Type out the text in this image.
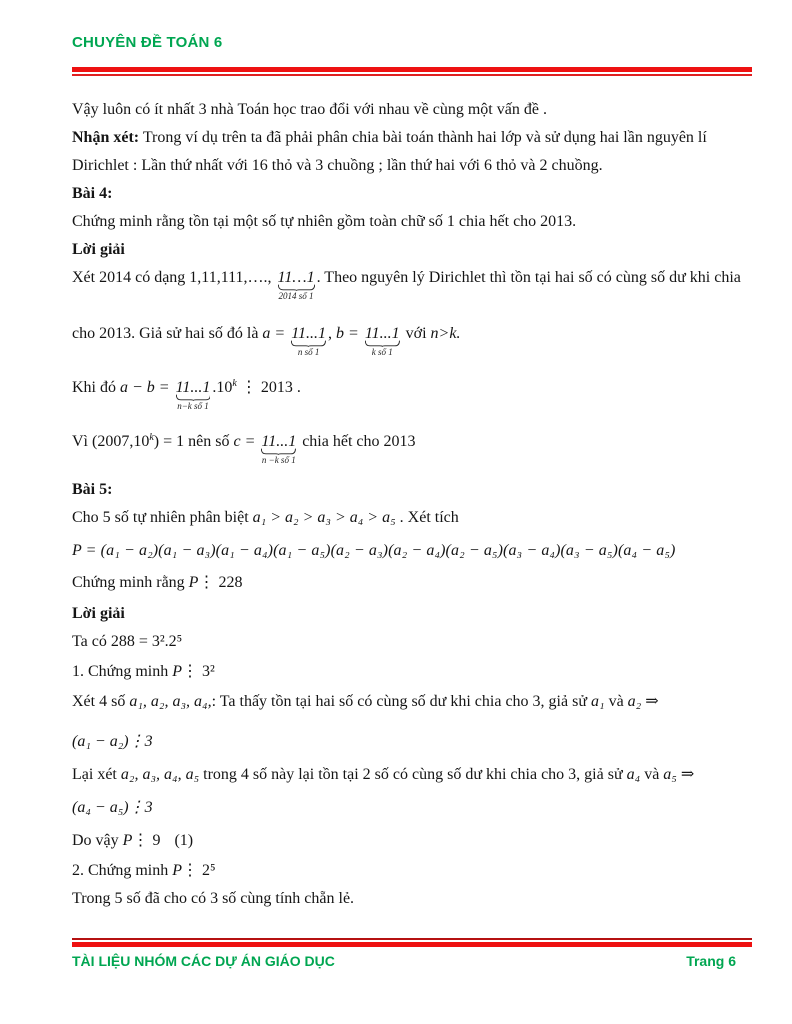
CHUYÊN ĐỀ TOÁN 6

Vậy luôn có ít nhất 3 nhà Toán học trao đổi với nhau về cùng một vấn đề .

Nhận xét: Trong ví dụ trên ta đã phải phân chia bài toán thành hai lớp và sử dụng hai lần nguyên lí

Dirichlet : Lần thứ nhất với 16 thỏ và 3 chuồng ; lần thứ hai với 6 thỏ và 2 chuồng.

Bài 4:

Chứng minh rằng tồn tại một số tự nhiên gồm toàn chữ số 1 chia hết cho 2013.

Lời giải

Xét 2014 có dạng 1,11,111,…., 11…1
2014 số 1
. Theo nguyên lý Dirichlet thì tồn tại hai số có cùng số dư khi chia

cho 2013. Giả sử hai số đó là a = 11...1
n số 1
, b = 11...1
k số 1
với n>k.

Khi đó a − b = 11...1
n−k số 1
.10$^k$ ⋮ 2013 .

Vì $(2007,10^k) = 1$ nên số c = 11...1
n −k số 1
chia hết cho 2013

Bài 5:

Cho 5 số tự nhiên phân biệt a₁ > a₂ > a₃ > a₄ > a₅ . Xét tích

P = (a₁ − a₂)(a₁ − a₃)(a₁ − a₄)(a₁ − a₅)(a₂ − a₃)(a₂ − a₄)(a₂ − a₅)(a₃ − a₄)(a₃ − a₅)(a₄ − a₅)

Chứng minh rằng P⋮ 228

Lời giải

Ta có 288 = 3².2⁵

1. Chứng minh P⋮ 3²

Xét 4 số a₁, a₂, a₃, a₄,: Ta thấy tồn tại hai số có cùng số dư khi chia cho 3, giả sử a₁ và a₂ ⇒

(a₁ − a₂)⋮3

Lại xét a₂, a₃, a₄, a₅ trong 4 số này lại tồn tại 2 số có cùng số dư khi chia cho 3, giả sử a₄ và a₅ ⇒

(a₄ − a₅)⋮3

Do vậy P⋮ 9 (1)

2. Chứng minh P⋮ 2⁵

Trong 5 số đã cho có 3 số cùng tính chẵn lẻ.

TÀI LIỆU NHÓM CÁC DỰ ÁN GIÁO DỤC	Trang 6
